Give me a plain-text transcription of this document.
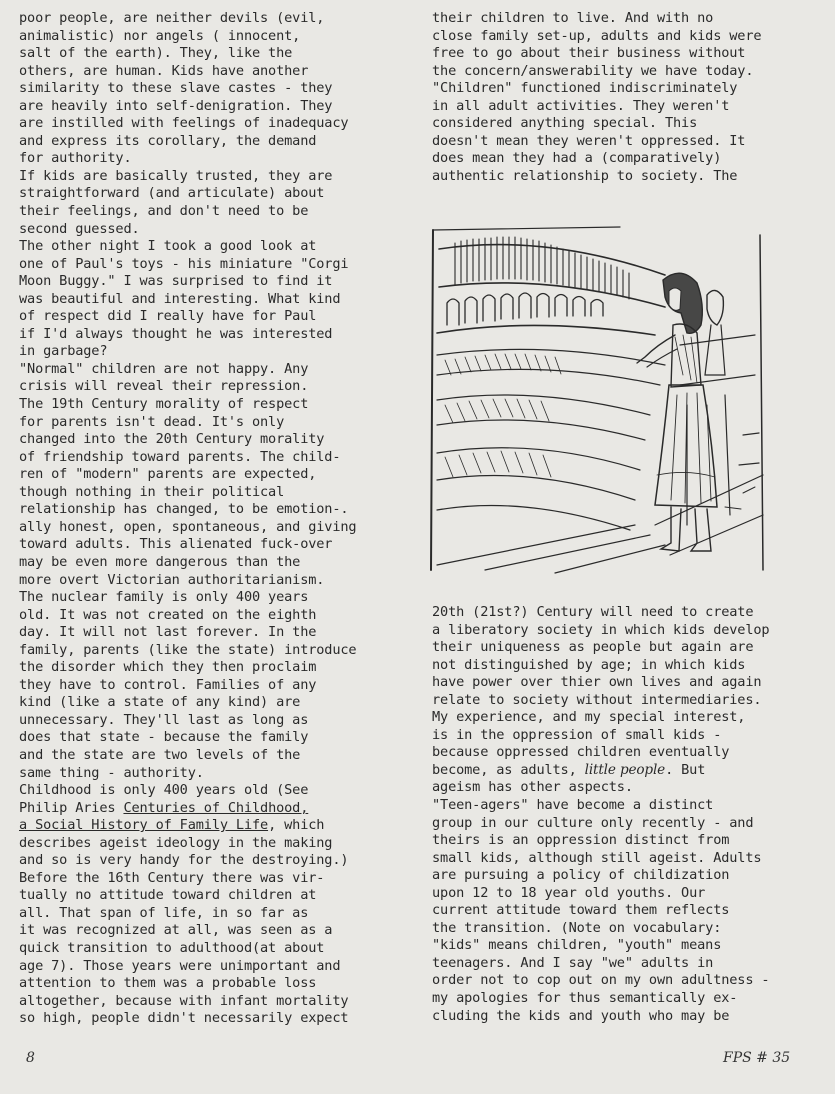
poor people, are neither devils (evil,
animalistic) nor angels ( innocent,
salt of the earth). They, like the
others, are human. Kids have another
similarity to these slave castes - they
are heavily into self-denigration. They
are instilled with feelings of inadequacy
and express its corollary, the demand
for authority.
If kids are basically trusted, they are
straightforward (and articulate) about
their feelings, and don't need to be
second guessed.
The other night I took a good look at
one of Paul's toys - his miniature "Corgi
Moon Buggy." I was surprised to find it
was beautiful and interesting. What kind
of respect did I really have for Paul
if I'd always thought he was interested
in garbage?
"Normal" children are not happy. Any
crisis will reveal their repression.
The 19th Century morality of respect
for parents isn't dead. It's only
changed into the 20th Century morality
of friendship toward parents. The child-
ren of "modern" parents are expected,
though nothing in their political
relationship has changed, to be emotion-.
ally honest, open, spontaneous, and giving
toward adults. This alienated fuck-over
may be even more dangerous than the
more overt Victorian authoritarianism.
The nuclear family is only 400 years
old. It was not created on the eighth
day. It will not last forever. In the
family, parents (like the state) introduce
the disorder which they then proclaim
they have to control. Families of any
kind (like a state of any kind) are
unnecessary. They'll last as long as
does that state - because the family
and the state are two levels of the
same thing - authority.
Childhood is only 400 years old (See
Philip Aries Centuries of Childhood,
a Social History of Family Life, which
describes ageist ideology in the making
and so is very handy for the destroying.)
Before the 16th Century there was vir-
tually no attitude toward children at
all. That span of life, in so far as
it was recognized at all, was seen as a
quick transition to adulthood(at about
age 7). Those years were unimportant and
attention to them was a probable loss
altogether, because with infant mortality
so high, people didn't necessarily expect
their children to live. And with no
close family set-up, adults and kids were
free to go about their business without
the concern/answerability we have today.
"Children" functioned indiscriminately
in all adult activities. They weren't
considered anything special. This
doesn't mean they weren't oppressed. It
does mean they had a (comparatively)
authentic relationship to society. The
20th (21st?) Century will need to create
a liberatory society in which kids develop
their uniqueness as people but again are
not distinguished by age; in which kids
have power over thier own lives and again
relate to society without intermediaries.
My experience, and my special interest,
is in the oppression of small kids -
because oppressed children eventually
become, as adults, little people. But
ageism has other aspects.
"Teen-agers" have become a distinct
group in our culture only recently - and
theirs is an oppression distinct from
small kids, although still ageist. Adults
are pursuing a policy of childization
upon 12 to 18 year old youths. Our
current attitude toward them reflects
the transition. (Note on vocabulary:
"kids" means children, "youth" means
teenagers. And I say "we" adults in
order not to cop out on my own adultness -
my apologies for thus semantically ex-
cluding the kids and youth who may be
8	FPS # 35
